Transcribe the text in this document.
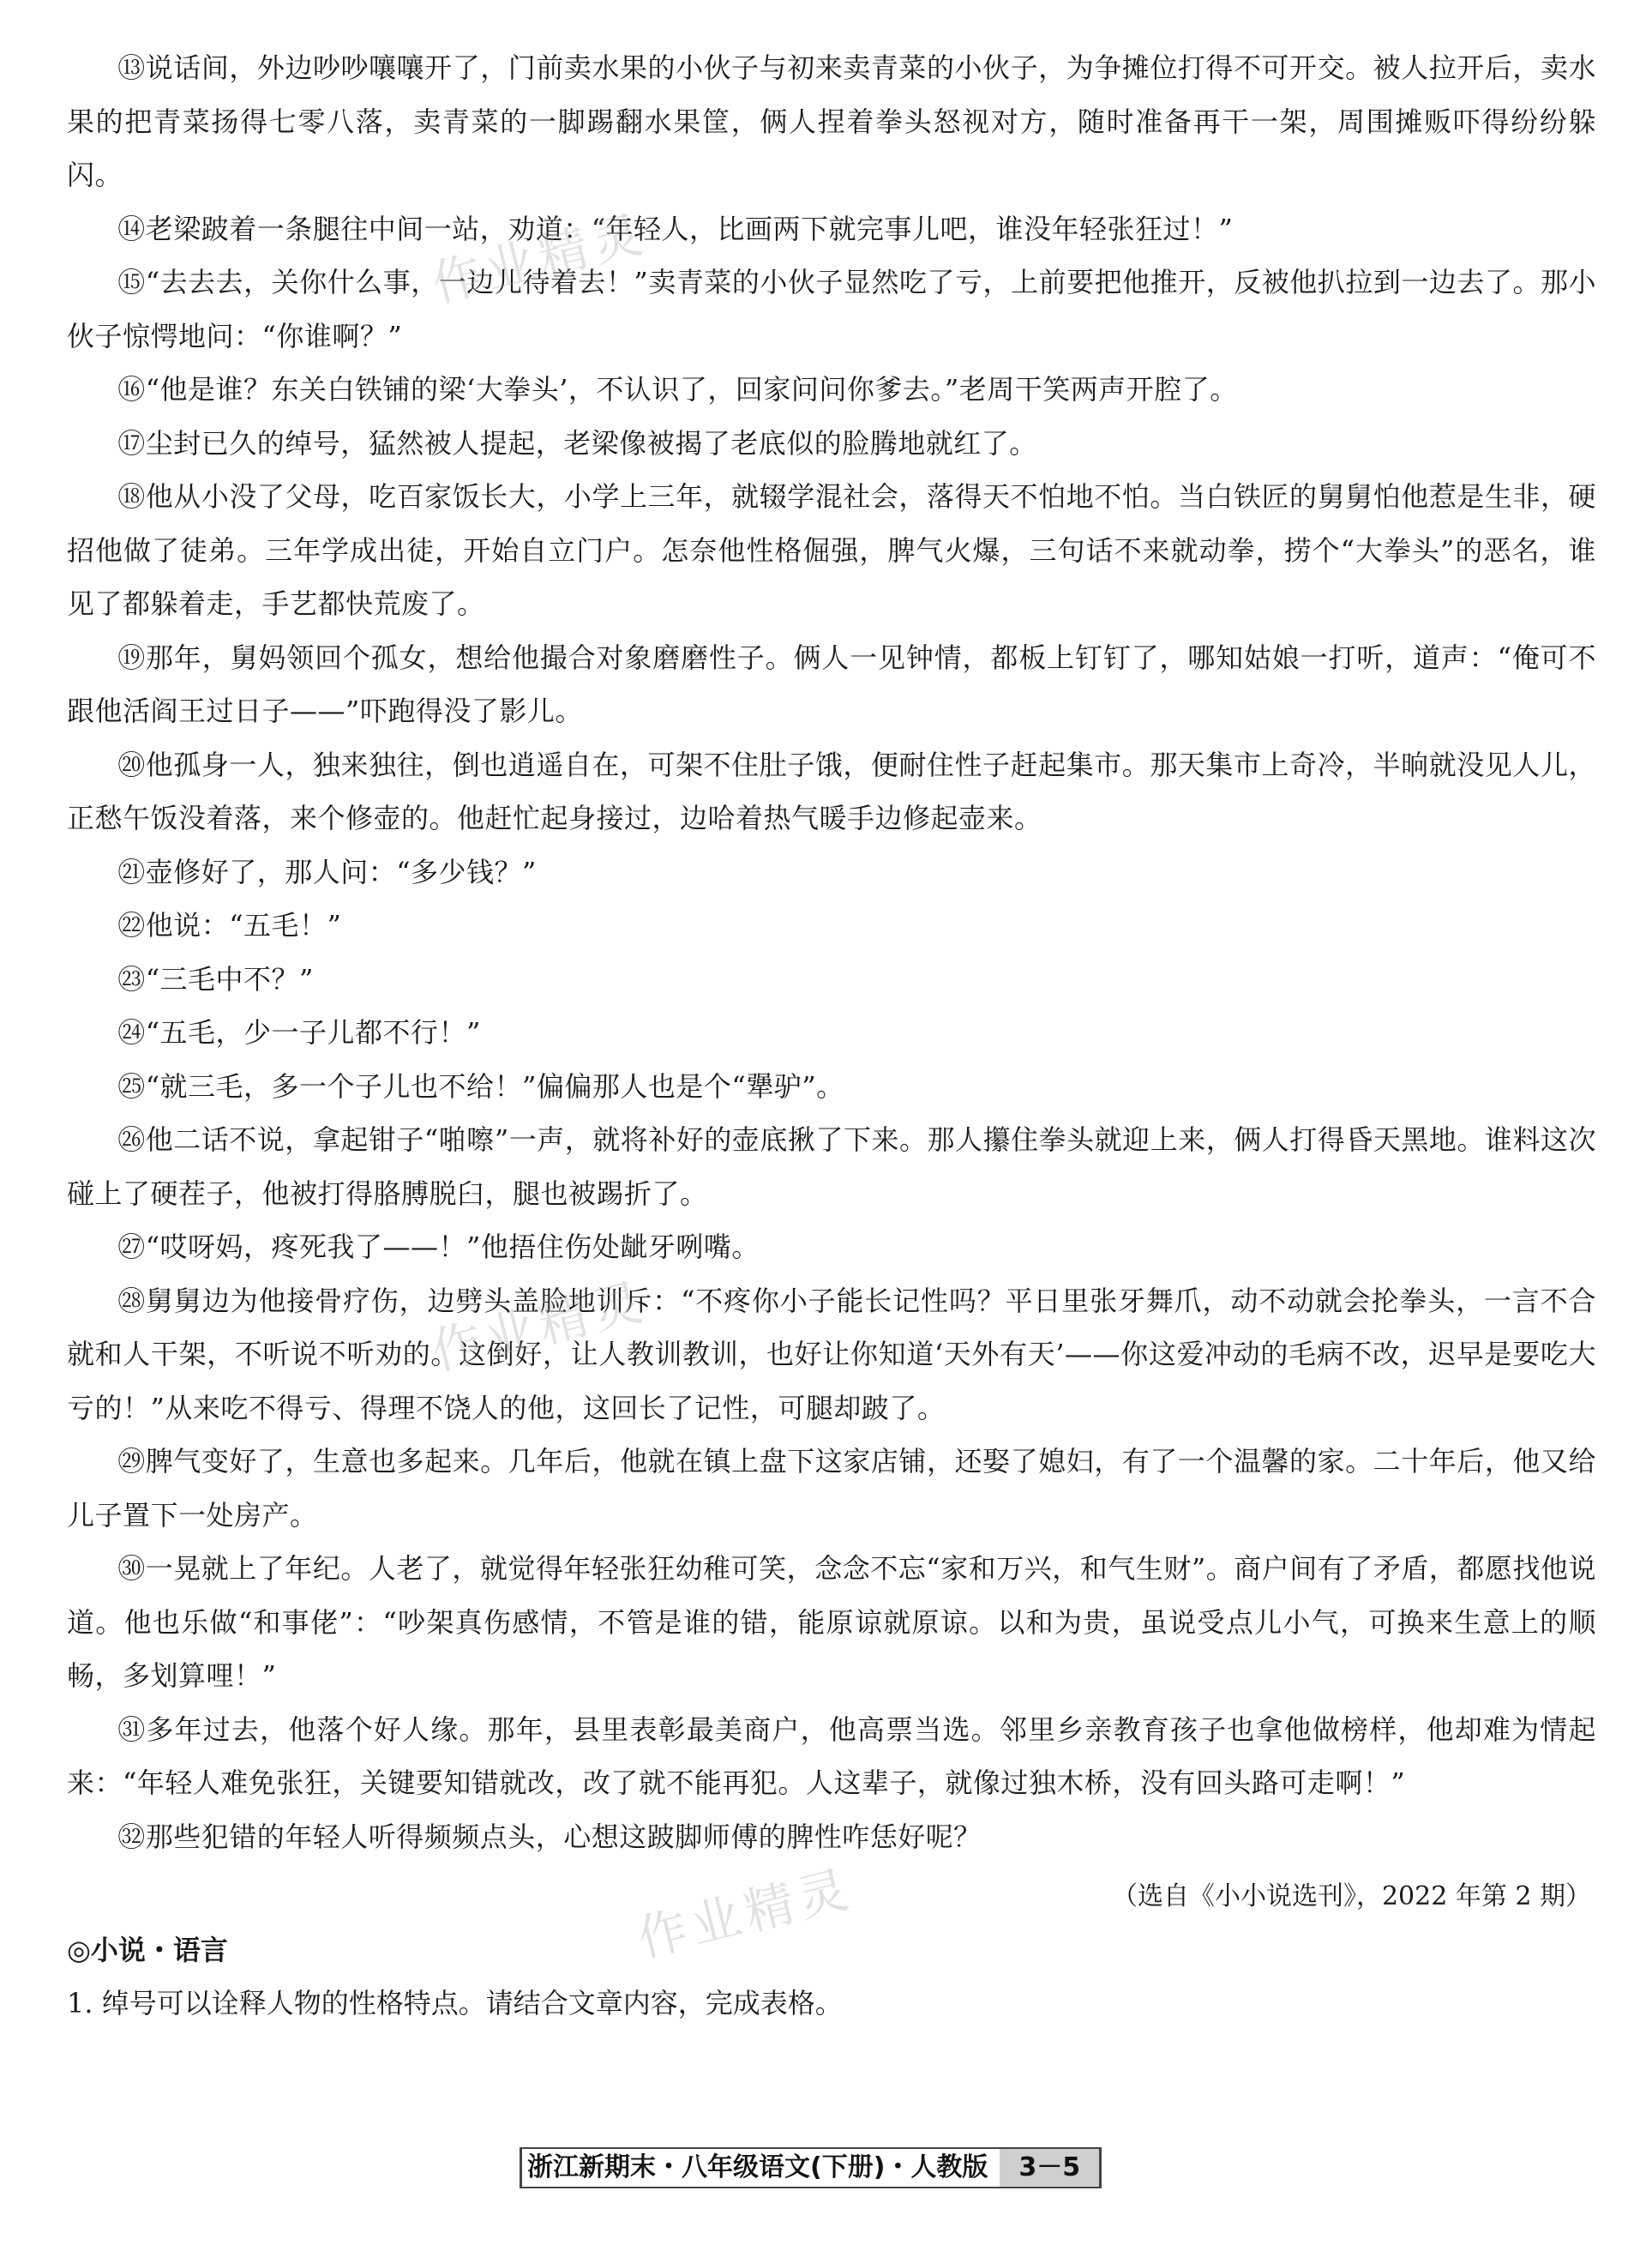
⑬说话间，外边吵吵嚷嚷开了，门前卖水果的小伙子与初来卖青菜的小伙子，为争摊位打得不可开交。被人拉开后，卖水果的把青菜扬得七零八落，卖青菜的一脚踢翻水果筐，俩人捏着拳头怒视对方，随时准备再干一架，周围摊贩吓得纷纷躲闪。

⑭老梁跛着一条腿往中间一站，劝道：“年轻人，比画两下就完事儿吧，谁没年轻张狂过！”

⑮“去去去，关你什么事，一边儿待着去！”卖青菜的小伙子显然吃了亏，上前要把他推开，反被他扒拉到一边去了。那小伙子惊愕地问：“你谁啊？”

⑯“他是谁？东关白铁铺的梁‘大拳头’，不认识了，回家问问你爹去。”老周干笑两声开腔了。

⑰尘封已久的绰号，猛然被人提起，老梁像被揭了老底似的脸腾地就红了。

⑱他从小没了父母，吃百家饭长大，小学上三年，就辍学混社会，落得天不怕地不怕。当白铁匠的舅舅怕他惹是生非，硬招他做了徒弟。三年学成出徒，开始自立门户。怎奈他性格倔强，脾气火爆，三句话不来就动拳，捞个“大拳头”的恶名，谁见了都躲着走，手艺都快荒废了。

⑲那年，舅妈领回个孤女，想给他撮合对象磨磨性子。俩人一见钟情，都板上钉钉了，哪知姑娘一打听，道声：“俺可不跟他活阎王过日子——”吓跑得没了影儿。

⑳他孤身一人，独来独往，倒也逍遥自在，可架不住肚子饿，便耐住性子赶起集市。那天集市上奇冷，半晌就没见人儿，正愁午饭没着落，来个修壶的。他赶忙起身接过，边哈着热气暖手边修起壶来。

㉑壶修好了，那人问：“多少钱？”

㉒他说：“五毛！”

㉓“三毛中不？”

㉔“五毛，少一子儿都不行！”

㉕“就三毛，多一个子儿也不给！”偏偏那人也是个“犟驴”。

㉖他二话不说，拿起钳子“啪嚓”一声，就将补好的壶底揪了下来。那人攥住拳头就迎上来，俩人打得昏天黑地。谁料这次碰上了硬茬子，他被打得胳膊脱臼，腿也被踢折了。

㉗“哎呀妈，疼死我了——！”他捂住伤处龇牙咧嘴。

㉘舅舅边为他接骨疗伤，边劈头盖脸地训斥：“不疼你小子能长记性吗？平日里张牙舞爪，动不动就会抡拳头，一言不合就和人干架，不听说不听劝的。这倒好，让人教训教训，也好让你知道‘天外有天’——你这爱冲动的毛病不改，迟早是要吃大亏的！”从来吃不得亏、得理不饶人的他，这回长了记性，可腿却跛了。

㉙脾气变好了，生意也多起来。几年后，他就在镇上盘下这家店铺，还娶了媳妇，有了一个温馨的家。二十年后，他又给儿子置下一处房产。

㉚一晃就上了年纪。人老了，就觉得年轻张狂幼稚可笑，念念不忘“家和万兴，和气生财”。商户间有了矛盾，都愿找他说道。他也乐做“和事佬”：“吵架真伤感情，不管是谁的错，能原谅就原谅。以和为贵，虽说受点儿小气，可换来生意上的顺畅，多划算哩！”

㉛多年过去，他落个好人缘。那年，县里表彰最美商户，他高票当选。邻里乡亲教育孩子也拿他做榜样，他却难为情起来：“年轻人难免张狂，关键要知错就改，改了就不能再犯。人这辈子，就像过独木桥，没有回头路可走啊！”

㉜那些犯错的年轻人听得频频点头，心想这跛脚师傅的脾性咋恁好呢？

（选自《小小说选刊》，2022 年第 2 期）

◎小说・语言

1. 绰号可以诠释人物的性格特点。请结合文章内容，完成表格。

作业精灵
作业精灵
作业精灵
浙江新期末・八年级语文(下册)・人教版	3－5
